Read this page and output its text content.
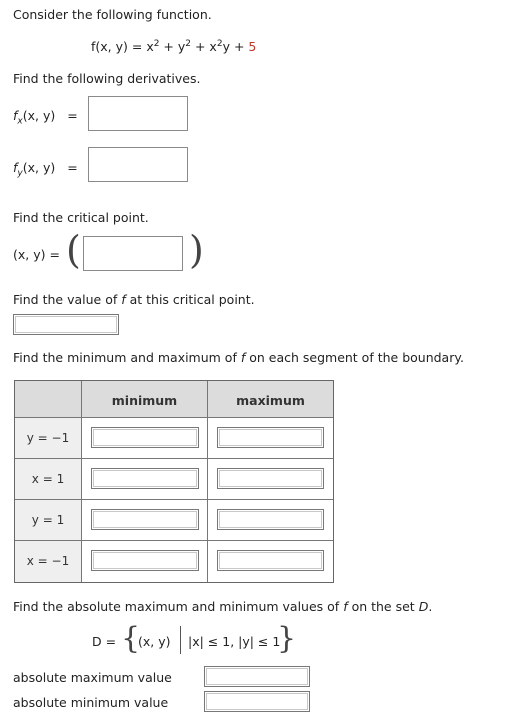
Consider the following function.
f(x, $y) = x^2 + y^2 + x^2y + 5$
Find the following derivatives.
$f_x(x$, y) =
$f_y(x$, y) =
Find the critical point.
(x, y) = (	)
Find the value of f at this critical point.
Find the minimum and maximum of f on each segment of the boundary.
minimum	maximum
y = −1
x = 1
y = 1
x = −1
Find the absolute maximum and minimum values of f on the set D.
D = {
(x, y) |x| ≤ 1, |y| ≤ 1
}
absolute maximum value
absolute minimum value
